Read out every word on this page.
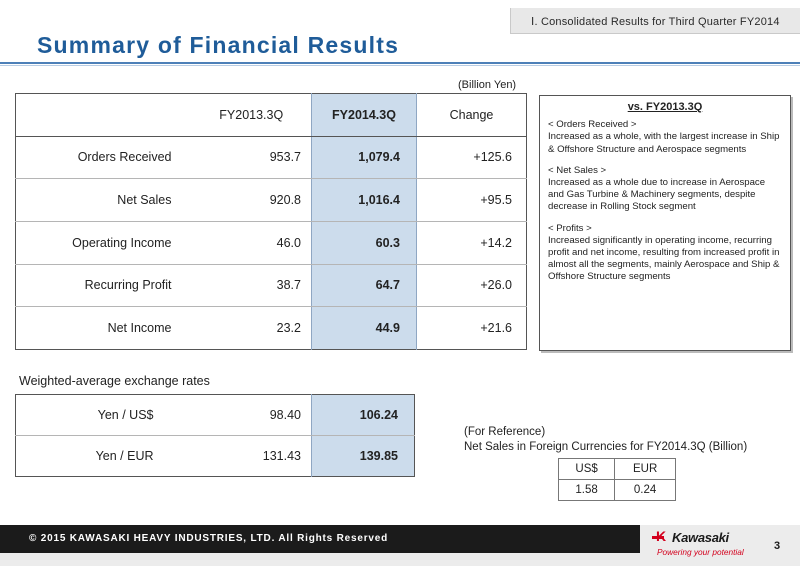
Ⅰ. Consolidated Results for Third Quarter FY2014
Summary of Financial Results
(Billion Yen)
	FY2013.3Q	FY2014.3Q	Change
Orders Received	953.7	1,079.4	+125.6
Net Sales	920.8	1,016.4	+95.5
Operating Income	46.0	60.3	+14.2
Recurring Profit	38.7	64.7	+26.0
Net Income	23.2	44.9	+21.6
vs. FY2013.3Q
< Orders Received >
Increased as a whole, with the largest increase in Ship & Offshore Structure and Aerospace segments
< Net Sales >
Increased as a whole due to increase in Aerospace and Gas Turbine & Machinery segments, despite decrease in Rolling Stock segment
< Profits >
Increased significantly in operating income, recurring profit and net income, resulting from increased profit in almost all the segments, mainly Aerospace and Ship & Offshore Structure segments
Weighted-average exchange rates
Yen / US$	98.40	106.24
Yen / EUR	131.43	139.85
(For Reference)
Net Sales in Foreign Currencies for FY2014.3Q (Billion)
US$	EUR
1.58	0.24
© 2015 KAWASAKI HEAVY INDUSTRIES, LTD. All Rights Reserved	K Kawasaki
Powering your potential	3
